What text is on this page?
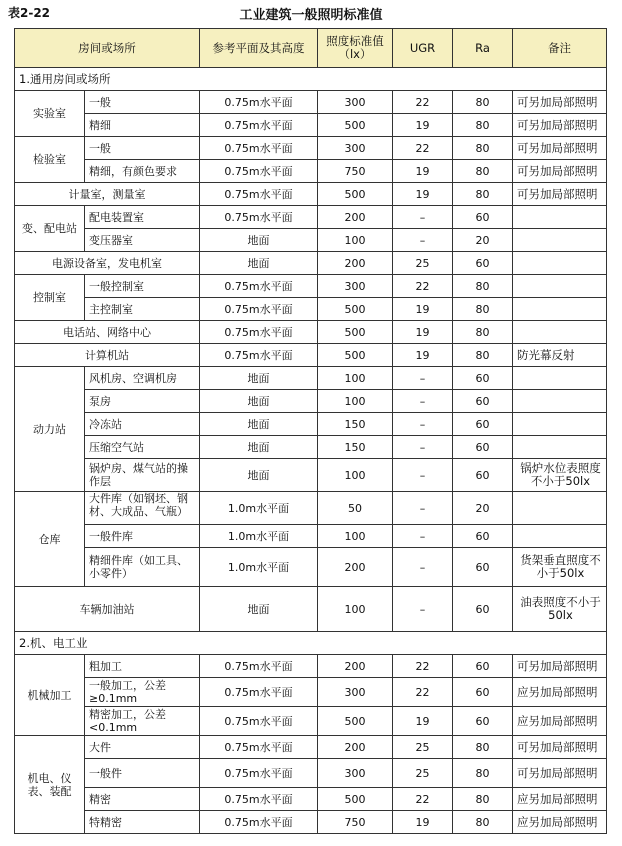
表2-22	工业建筑一般照明标准值
房间或场所		参考平面及其高度	照度标准值（lx）	UGR	Ra	备注
1.通用房间或场所						
实验室	一般	0.75m水平面	300	22	80	可另加局部照明
	精细	0.75m水平面	500	19	80	可另加局部照明
检验室	一般	0.75m水平面	300	22	80	可另加局部照明
	精细，有颜色要求	0.75m水平面	750	19	80	可另加局部照明
计量室，测量室		0.75m水平面	500	19	80	可另加局部照明
变、配电站	配电装置室	0.75m水平面	200	–	60	
	变压器室	地面	100	–	20	
电源设备室，发电机室		地面	200	25	60	
控制室	一般控制室	0.75m水平面	300	22	80	
	主控制室	0.75m水平面	500	19	80	
电话站、网络中心		0.75m水平面	500	19	80	
计算机站		0.75m水平面	500	19	80	防光幕反射
动力站	风机房、空调机房	地面	100	–	60	
	泵房	地面	100	–	60	
	冷冻站	地面	150	–	60	
	压缩空气站	地面	150	–	60	
	锅炉房、煤气站的操作层	地面	100	–	60	锅炉水位表照度不小于50lx
仓库	大件库（如钢坯、钢材、大成品、气瓶）	1.0m水平面	50	–	20	
	一般件库	1.0m水平面	100	–	60	
	精细件库（如工具、小零件）	1.0m水平面	200	–	60	货架垂直照度不小于50lx
车辆加油站		地面	100	–	60	油表照度不小于50lx
2.机、电工业						
机械加工	粗加工	0.75m水平面	200	22	60	可另加局部照明
	一般加工，公差≥0.1mm	0.75m水平面	300	22	60	应另加局部照明
	精密加工，公差<0.1mm	0.75m水平面	500	19	60	应另加局部照明
机电、仪表、装配	大件	0.75m水平面	200	25	80	可另加局部照明
	一般件	0.75m水平面	300	25	80	可另加局部照明
	精密	0.75m水平面	500	22	80	应另加局部照明
	特精密	0.75m水平面	750	19	80	应另加局部照明
